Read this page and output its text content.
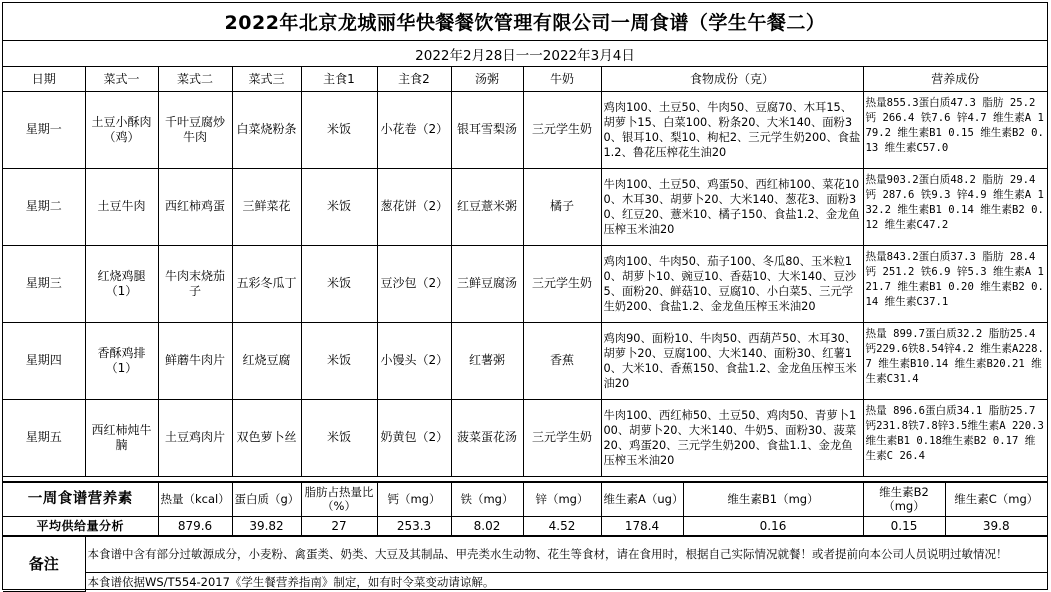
2022年北京龙城丽华快餐餐饮管理有限公司一周食谱（学生午餐二）
2022年2月28日一一2022年3月4日
日期	菜式一	菜式二	菜式三	主食1	主食2	汤粥	牛奶	食物成份（克）	营养成份
星期一	土豆小酥肉（鸡）	千叶豆腐炒牛肉	白菜烧粉条	米饭	小花卷（2）	银耳雪梨汤	三元学生奶	鸡肉100、土豆50、牛肉50、豆腐70、木耳15、胡萝卜15、白菜100、粉条20、大米140、面粉30、银耳10、梨10、枸杞2、三元学生奶200、食盐1.2、鲁花压榨花生油20	热量855.3蛋白质47.3 脂肪 25.2 钙 266.4 铁7.6 锌4.7 维生素A 179.2 维生素B1 0.15 维生素B2 0.13 维生素C57.0
星期二	土豆牛肉	西红柿鸡蛋	三鲜菜花	米饭	葱花饼（2）	红豆薏米粥	橘子	牛肉100、土豆50、鸡蛋50、西红柿100、菜花100、木耳30、胡萝卜20、大米140、葱花3、面粉30、红豆20、薏米10、橘子150、食盐1.2、金龙鱼压榨玉米油20	热量903.2蛋白质48.2 脂肪 29.4 钙 287.6 铁9.3 锌4.9 维生素A 132.2 维生素B1 0.14 维生素B2 0.12 维生素C47.2
星期三	红烧鸡腿（1）	牛肉末烧茄子	五彩冬瓜丁	米饭	豆沙包（2）	三鲜豆腐汤	三元学生奶	鸡肉100、牛肉50、茄子100、冬瓜80、玉米粒10、胡萝卜10、豌豆10、香菇10、大米140、豆沙5、面粉20、鲜菇10、豆腐10、小白菜5、三元学生奶200、食盐1.2、金龙鱼压榨玉米油20	热量843.2蛋白质37.3 脂肪 28.4 钙 251.2 铁6.9 锌5.3 维生素A 121.7 维生素B1 0.20 维生素B2 0.14 维生素C37.1
星期四	香酥鸡排（1）	鲜蘑牛肉片	红烧豆腐	米饭	小馒头（2）	红薯粥	香蕉	鸡肉90、面粉10、牛肉50、西葫芦50、木耳30、胡萝卜20、豆腐100、大米140、面粉30、红薯10、大米10、香蕉150、食盐1.2、金龙鱼压榨玉米油20	热量 899.7蛋白质32.2 脂肪25.4 钙229.6铁8.54锌4.2 维生素A228.7 维生素B10.14 维生素B20.21 维生素C31.4
星期五	西红柿炖牛腩	土豆鸡肉片	双色萝卜丝	米饭	奶黄包（2）	菠菜蛋花汤	三元学生奶	牛肉100、西红柿50、土豆50、鸡肉50、青萝卜100、胡萝卜20、大米140、牛奶5、面粉30、菠菜20、鸡蛋20、三元学生奶200、食盐1.1、金龙鱼压榨玉米油20	热量 896.6蛋白质34.1 脂肪25.7 钙231.8铁7.8锌3.5维生素A 220.3维生素B1 0.18维生素B2 0.17 维生素C 26.4
一周食谱营养素	热量（kcal）	蛋白质（g）	脂肪占热量比（%）	钙（mg）	铁（mg）	锌（mg）	维生素A（ug）	维生素B1（mg）	维生素B2（mg）	维生素C（mg）
平均供给量分析	879.6	39.82	27	253.3	8.02	4.52	178.4	0.16	0.15	39.8
备注	本食谱中含有部分过敏源成分，小麦粉、禽蛋类、奶类、大豆及其制品、甲壳类水生动物、花生等食材，请在食用时，根据自己实际情况就餐！或者提前向本公司人员说明过敏情况！
本食谱依据WS/T554-2017《学生餐营养指南》制定，如有时令菜变动请谅解。
